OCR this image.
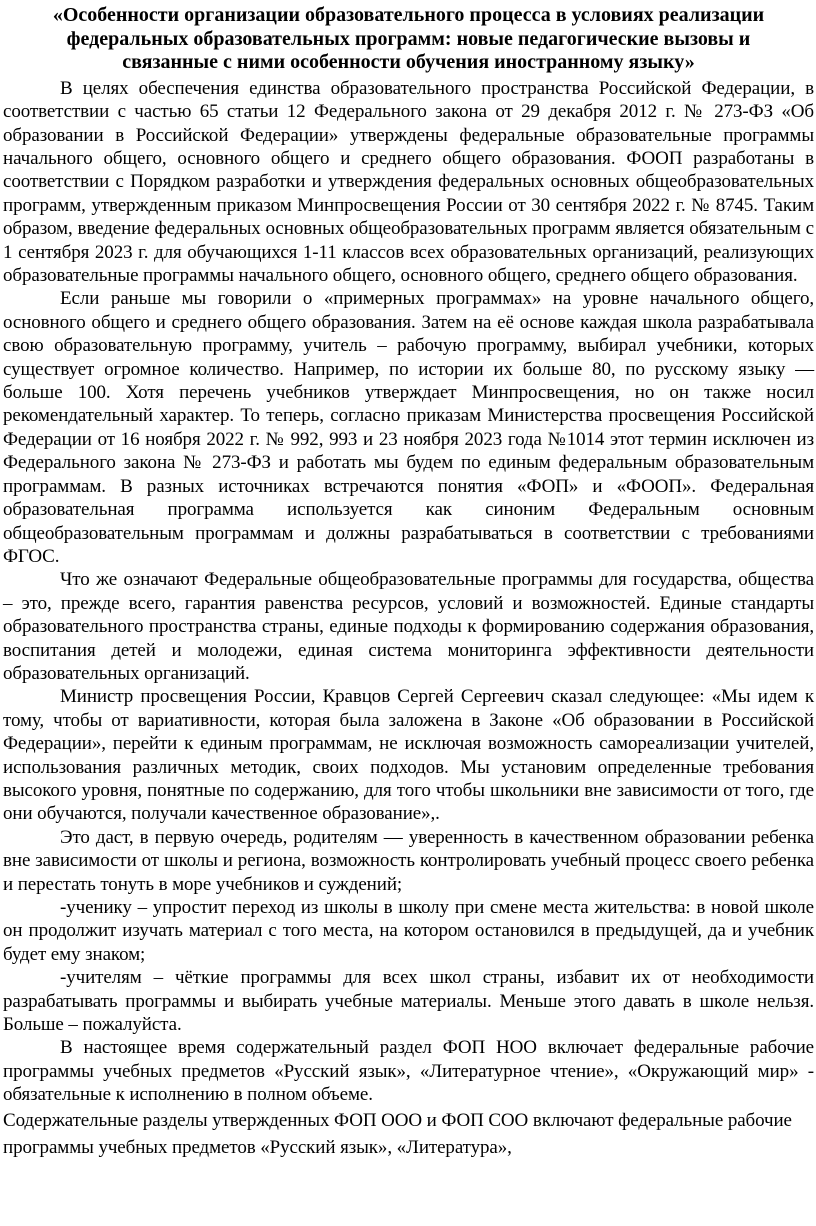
«Особенности организации образовательного процесса в условиях реализации федеральных образовательных программ: новые педагогические вызовы и связанные с ними особенности обучения иностранному языку»

В целях обеспечения единства образовательного пространства Российской Федерации, в соответствии с частью 65 статьи 12 Федерального закона от 29 декабря 2012 г. № 273-ФЗ «Об образовании в Российской Федерации» утверждены федеральные образовательные программы начального общего, основного общего и среднего общего образования. ФООП разработаны в соответствии с Порядком разработки и утверждения федеральных основных общеобразовательных программ, утвержденным приказом Минпросвещения России от 30 сентября 2022 г. № 8745. Таким образом, введение федеральных основных общеобразовательных программ является обязательным с 1 сентября 2023 г. для обучающихся 1-11 классов всех образовательных организаций, реализующих образовательные программы начального общего, основного общего, среднего общего образования.

Если раньше мы говорили о «примерных программах» на уровне начального общего, основного общего и среднего общего образования. Затем на её основе каждая школа разрабатывала свою образовательную программу, учитель – рабочую программу, выбирал учебники, которых существует огромное количество. Например, по истории их больше 80, по русскому языку — больше 100. Хотя перечень учебников утверждает Минпросвещения, но он также носил рекомендательный характер. То теперь, согласно приказам Министерства просвещения Российской Федерации от 16 ноября 2022 г. № 992, 993 и 23 ноября 2023 года №1014 этот термин исключен из Федерального закона № 273-ФЗ и работать мы будем по единым федеральным образовательным программам. В разных источниках встречаются понятия «ФОП» и «ФООП». Федеральная образовательная программа используется как синоним Федеральным основным общеобразовательным программам и должны разрабатываться в соответствии с требованиями ФГОС.

Что же означают Федеральные общеобразовательные программы для государства, общества – это, прежде всего, гарантия равенства ресурсов, условий и возможностей. Единые стандарты образовательного пространства страны, единые подходы к формированию содержания образования, воспитания детей и молодежи, единая система мониторинга эффективности деятельности образовательных организаций.

Министр просвещения России, Кравцов Сергей Сергеевич сказал следующее: «Мы идем к тому, чтобы от вариативности, которая была заложена в Законе «Об образовании в Российской Федерации», перейти к единым программам, не исключая возможность самореализации учителей, использования различных методик, своих подходов. Мы установим определенные требования высокого уровня, понятные по содержанию, для того чтобы школьники вне зависимости от того, где они обучаются, получали качественное образование»,.

Это даст, в первую очередь, родителям — уверенность в качественном образовании ребенка вне зависимости от школы и региона, возможность контролировать учебный процесс своего ребенка и перестать тонуть в море учебников и суждений;

-ученику – упростит переход из школы в школу при смене места жительства: в новой школе он продолжит изучать материал с того места, на котором остановился в предыдущей, да и учебник будет ему знаком;

-учителям – чёткие программы для всех школ страны, избавит их от необходимости разрабатывать программы и выбирать учебные материалы. Меньше этого давать в школе нельзя. Больше – пожалуйста.

В настоящее время содержательный раздел ФОП НОО включает федеральные рабочие программы учебных предметов «Русский язык», «Литературное чтение», «Окружающий мир» - обязательные к исполнению в полном объеме.

Содержательные разделы утвержденных ФОП ООО и ФОП СОО включают федеральные рабочие программы учебных предметов «Русский язык», «Литература»,
